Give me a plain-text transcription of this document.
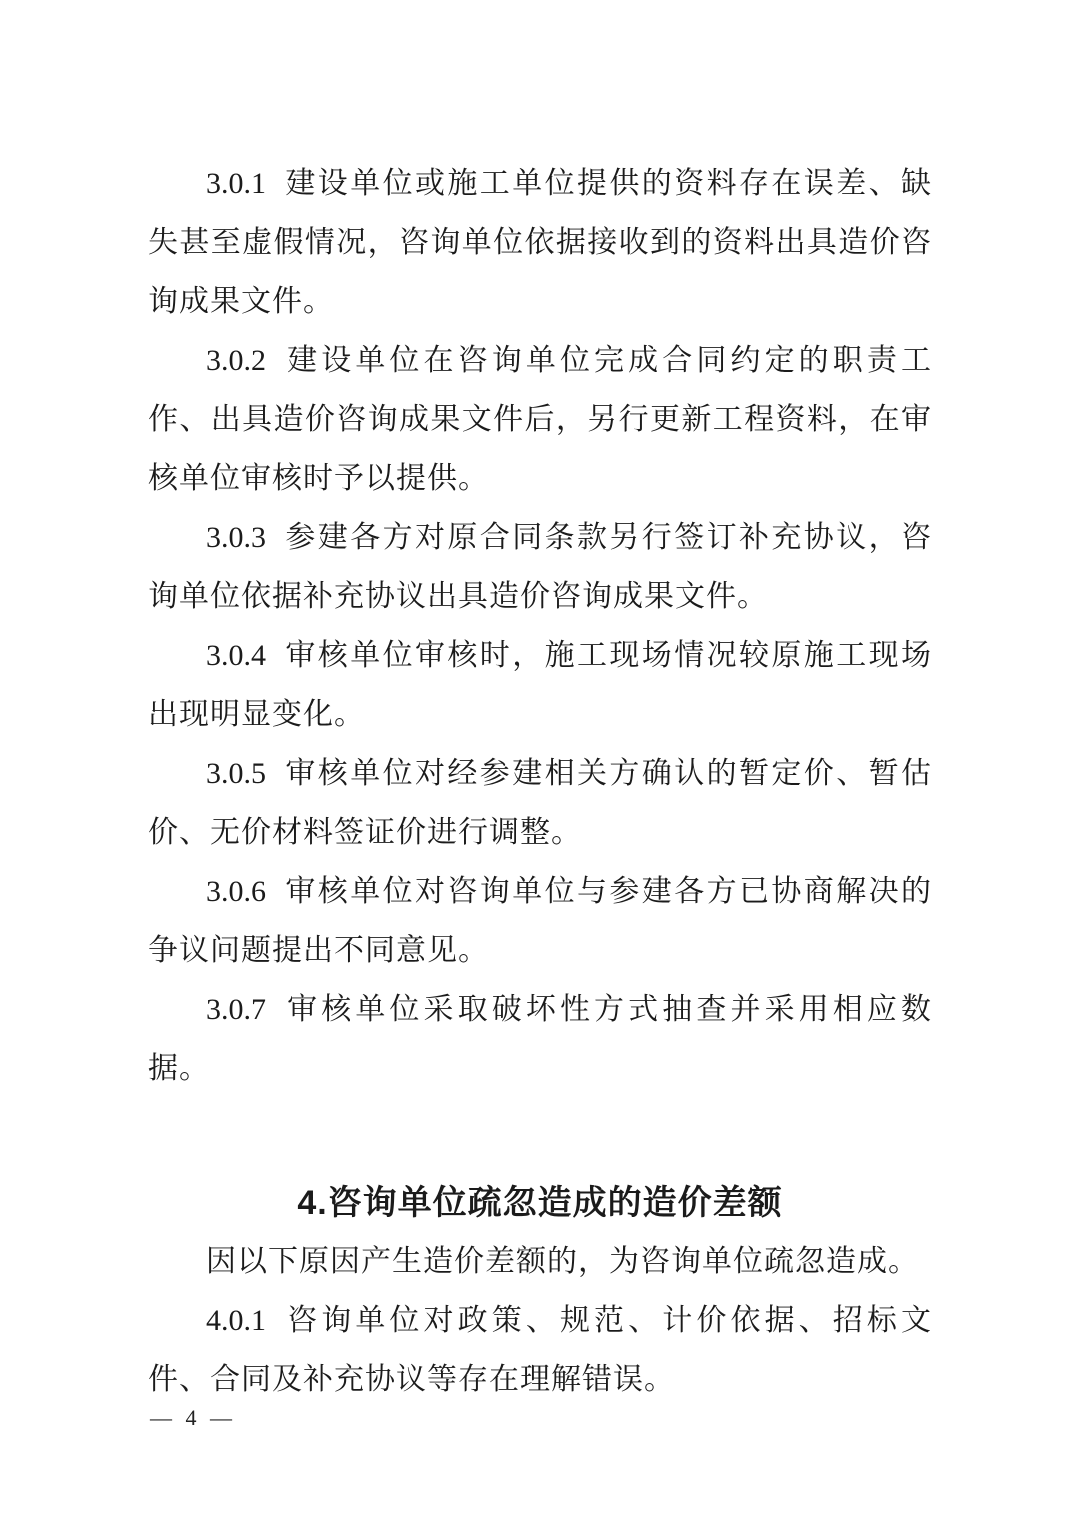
3.0.1 建设单位或施工单位提供的资料存在误差、缺失甚至虚假情况，咨询单位依据接收到的资料出具造价咨询成果文件。

3.0.2 建设单位在咨询单位完成合同约定的职责工作、出具造价咨询成果文件后，另行更新工程资料，在审核单位审核时予以提供。

3.0.3 参建各方对原合同条款另行签订补充协议，咨询单位依据补充协议出具造价咨询成果文件。

3.0.4 审核单位审核时，施工现场情况较原施工现场出现明显变化。

3.0.5 审核单位对经参建相关方确认的暂定价、暂估价、无价材料签证价进行调整。

3.0.6 审核单位对咨询单位与参建各方已协商解决的争议问题提出不同意见。

3.0.7 审核单位采取破坏性方式抽查并采用相应数据。

4.咨询单位疏忽造成的造价差额

因以下原因产生造价差额的，为咨询单位疏忽造成。

4.0.1 咨询单位对政策、规范、计价依据、招标文件、合同及补充协议等存在理解错误。

— 4 —
